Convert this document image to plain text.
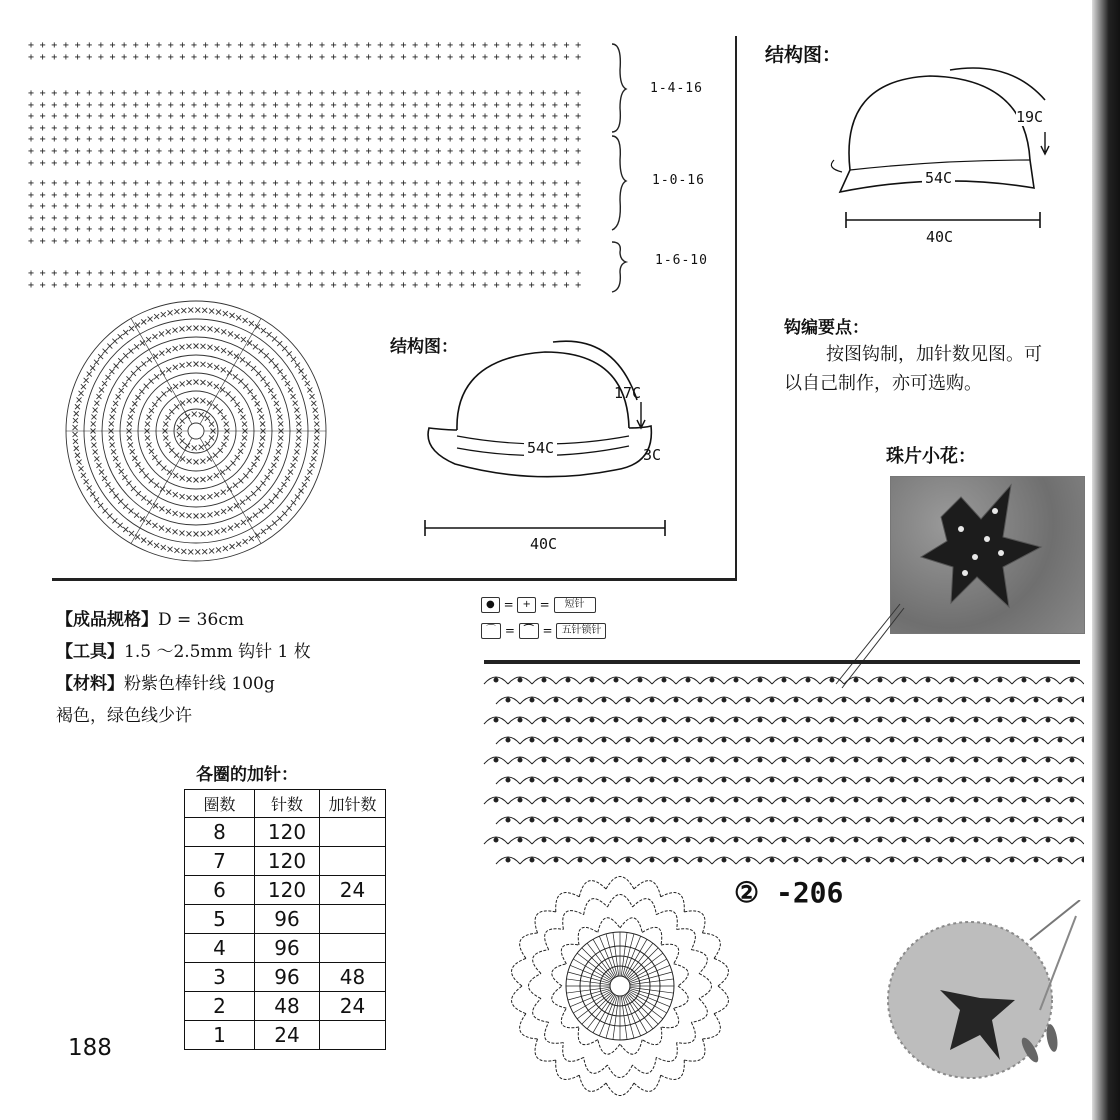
+ + + + + + + + + + + + + + + + + + + + + + + + + + + + + + + + + + + + + + + + + + + + + + + +
+ + + + + + + + + + + + + + + + + + + + + + + + + + + + + + + + + + + + + + + + + + + + + + + +
+ + + + + + + + + + + + + + + + + + + + + + + + + + + + + + + + + + + + + + + + + + + + + + + +
+ + + + + + + + + + + + + + + + + + + + + + + + + + + + + + + + + + + + + + + + + + + + + + + +
+ + + + + + + + + + + + + + + + + + + + + + + + + + + + + + + + + + + + + + + + + + + + + + + +
+ + + + + + + + + + + + + + + + + + + + + + + + + + + + + + + + + + + + + + + + + + + + + + + +
+ + + + + + + + + + + + + + + + + + + + + + + + + + + + + + + + + + + + + + + + + + + + + + + +
+ + + + + + + + + + + + + + + + + + + + + + + + + + + + + + + + + + + + + + + + + + + + + + + +
+ + + + + + + + + + + + + + + + + + + + + + + + + + + + + + + + + + + + + + + + + + + + + + + +
+ + + + + + + + + + + + + + + + + + + + + + + + + + + + + + + + + + + + + + + + + + + + + + + +
+ + + + + + + + + + + + + + + + + + + + + + + + + + + + + + + + + + + + + + + + + + + + + + + +
+ + + + + + + + + + + + + + + + + + + + + + + + + + + + + + + + + + + + + + + + + + + + + + + +
+ + + + + + + + + + + + + + + + + + + + + + + + + + + + + + + + + + + + + + + + + + + + + + + +
+ + + + + + + + + + + + + + + + + + + + + + + + + + + + + + + + + + + + + + + + + + + + + + + +
+ + + + + + + + + + + + + + + + + + + + + + + + + + + + + + + + + + + + + + + + + + + + + + + +
+ + + + + + + + + + + + + + + + + + + + + + + + + + + + + + + + + + + + + + + + + + + + + + + +
+ + + + + + + + + + + + + + + + + + + + + + + + + + + + + + + + + + + + + + + + + + + + + + + +
1-4-16
1-0-16
1-6-10
结构图：
19C
54C
40C
结构图：
17C
54C	3C
40C
钩编要点：
按图钩制，加针数见图。可
以自己制作，亦可选购。
珠片小花：
【成品规格】D = 36cm
【工具】1.5 ～2.5mm 钩针 1 枚
【材料】粉紫色棒针线 100g
褐色，绿色线少许
各圈的加针：
圈数	针数	加针数
8	120	
7	120	
6	120	24
5	96	
4	96	
3	96	48
2	48	24
1	24	
188
● = + = 短针
⌒ = ⌒ = 五针锁针
② -206
